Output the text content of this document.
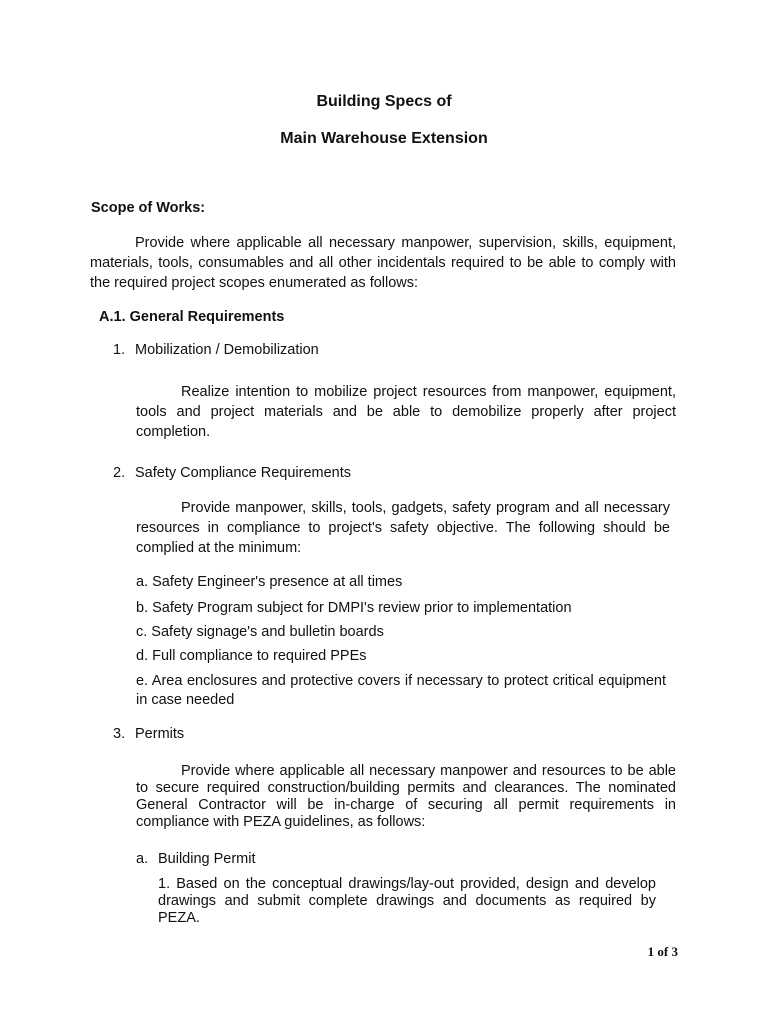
Building Specs of
Main Warehouse Extension
Scope of Works:
Provide where applicable all necessary manpower, supervision, skills, equipment, materials, tools, consumables and all other incidentals required to be able to comply with the required project scopes enumerated as follows:
A.1. General Requirements
1. Mobilization / Demobilization
Realize intention to mobilize project resources from manpower, equipment, tools and project materials and be able to demobilize properly after project completion.
2. Safety Compliance Requirements
Provide manpower, skills, tools, gadgets, safety program and all necessary resources in compliance to project's safety objective. The following should be complied at the minimum:
a. Safety Engineer's presence at all times
b. Safety Program subject for DMPI's review prior to implementation
c. Safety signage's and bulletin boards
d. Full compliance to required PPEs
e. Area enclosures and protective covers if necessary to protect critical equipment in case needed
3. Permits
Provide where applicable all necessary manpower and resources to be able to secure required construction/building permits and clearances. The nominated General Contractor will be in-charge of securing all permit requirements in compliance with PEZA guidelines, as follows:
a. Building Permit
1. Based on the conceptual drawings/lay-out provided, design and develop drawings and submit complete drawings and documents as required by PEZA.
1 of 3
